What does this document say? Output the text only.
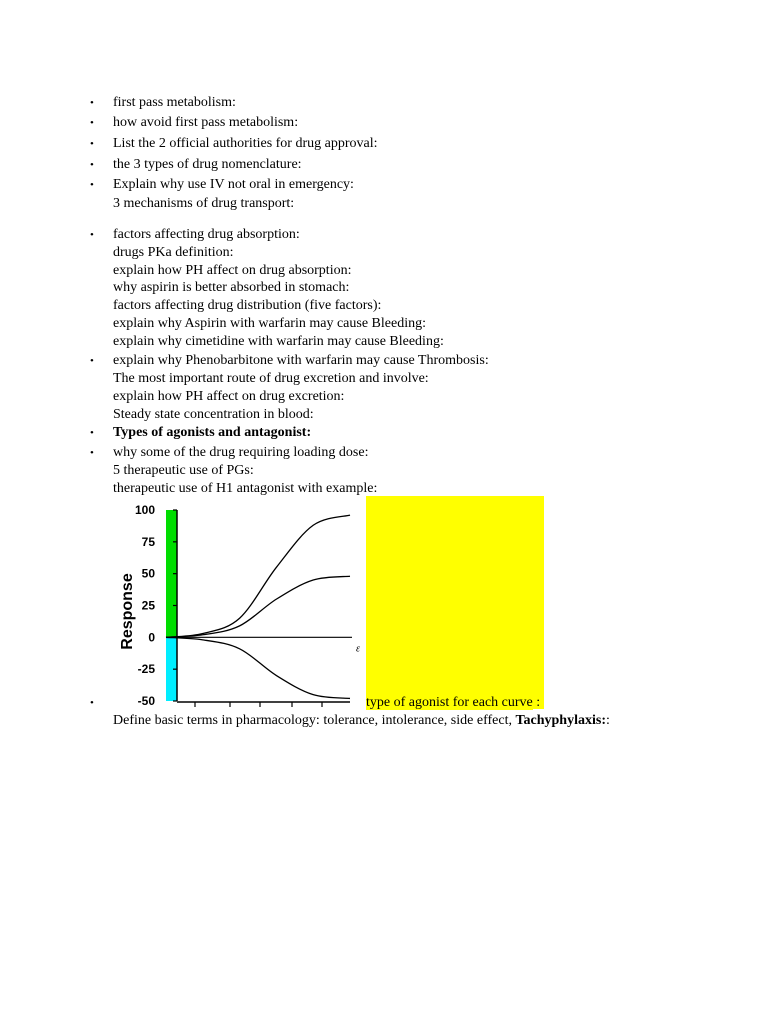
• first pass metabolism:
• how avoid first pass metabolism:
• List the 2 official authorities for drug approval:
• the 3 types of drug nomenclature:
• Explain why use IV not oral in emergency:
3 mechanisms of drug transport:
• factors affecting drug absorption:
drugs PKa definition:
explain how PH affect on drug absorption:
why aspirin is better absorbed in stomach:
factors affecting drug distribution (five factors):
explain why Aspirin with warfarin may cause Bleeding:
explain why cimetidine with warfarin may cause Bleeding:
• explain why Phenobarbitone with warfarin may cause Thrombosis:
The most important route of drug excretion and involve:
explain how PH affect on drug excretion:
Steady state concentration in blood:
• Types of agonists and antagonist:
• why some of the drug requiring loading dose:
5 therapeutic use of PGs:
therapeutic use of H1 antagonist with example:
100
75
50
25
0
-25
-50
Response	ε
•	type of agonist for each curve :
Define basic terms in pharmacology: tolerance, intolerance, side effect, Tachyphylaxis::
